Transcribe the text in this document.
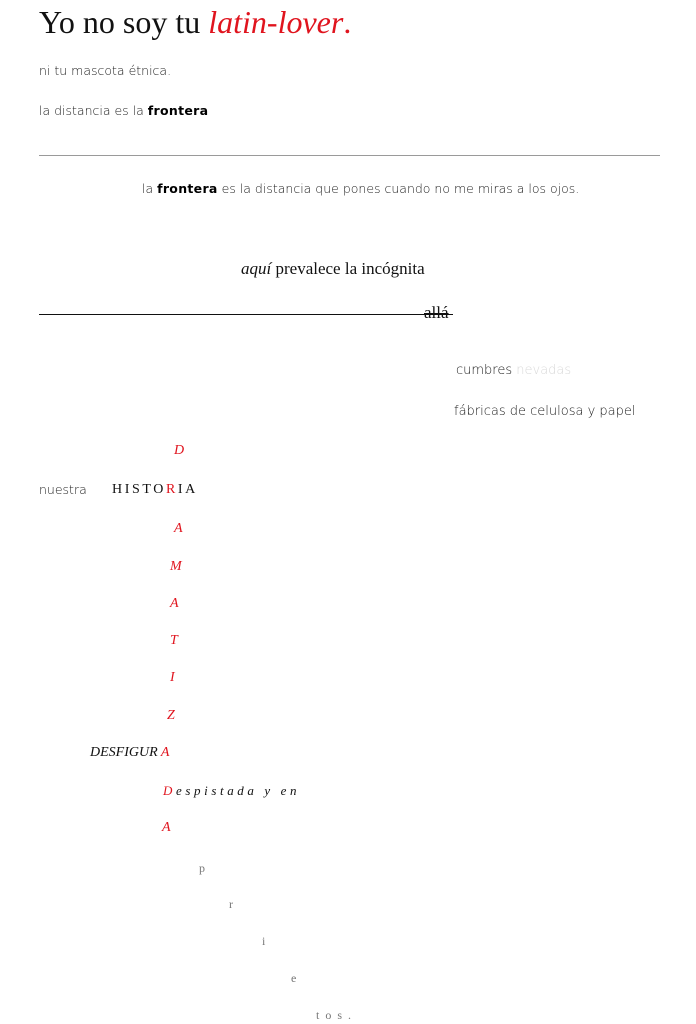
Yo no soy tu latin-lover.
ni tu mascota étnica.
la distancia es la frontera
la frontera es la distancia que pones cuando no me miras a los ojos.
aquí prevalece la incógnita
allá
cumbres nevadas
fábricas de celulosa y papel
nuestra HISTORIA
D
A
M
A
T
I
Z
DESFIGUR A
Despistada y en
A
p
r
i
e
tos.
